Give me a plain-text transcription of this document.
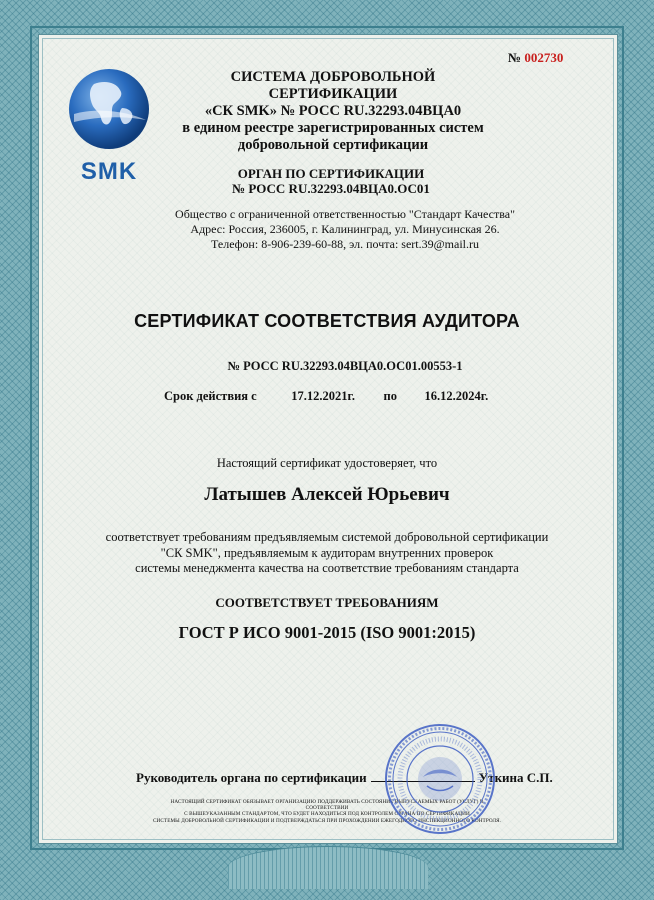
№ 002730
SMK
СИСТЕМА ДОБРОВОЛЬНОЙ СЕРТИФИКАЦИИ
«СК SMK» № РОСС RU.32293.04ВЦА0
в едином реестре зарегистрированных систем
добровольной сертификации
ОРГАН ПО СЕРТИФИКАЦИИ
№ РОСС RU.32293.04ВЦА0.ОС01
Общество с ограниченной ответственностью "Стандарт Качества"
Адрес: Россия, 236005, г. Калининград, ул. Минусинская 26.
Телефон: 8-906-239-60-88, эл. почта: sert.39@mail.ru
СЕРТИФИКАТ СООТВЕТСТВИЯ АУДИТОРА
№ РОСС RU.32293.04ВЦА0.ОС01.00553-1
Срок действия с	17.12.2021г. по 16.12.2024г.
Настоящий сертификат удостоверяет, что
Латышев Алексей Юрьевич
соответствует требованиям предъявляемым системой добровольной сертификации
"СК SMK", предъявляемым к аудиторам внутренних проверок
системы менеджмента качества на соответствие требованиям стандарта
СООТВЕТСТВУЕТ ТРЕБОВАНИЯМ
ГОСТ Р ИСО 9001-2015 (ISO 9001:2015)
Руководитель органа по сертификации	Уткина С.П.
НАСТОЯЩИЙ СЕРТИФИКАТ ОБЯЗЫВАЕТ ОРГАНИЗАЦИЮ ПОДДЕРЖИВАТЬ СОСТОЯНИЕ ВЫПУСКАЕМЫХ РАБОТ (УСЛУГ) В СООТВЕТСТВИИ
С ВЫШЕУКАЗАННЫМ СТАНДАРТОМ, ЧТО БУДЕТ НАХОДИТЬСЯ ПОД КОНТРОЛЕМ ОРГАНА ПО СЕРТИФИКАЦИИ
СИСТЕМЫ ДОБРОВОЛЬНОЙ СЕРТИФИКАЦИИ И ПОДТВЕРЖДАТЬСЯ ПРИ ПРОХОЖДЕНИИ ЕЖЕГОДНОГО ИНСПЕКЦИОННОГО КОНТРОЛЯ.
